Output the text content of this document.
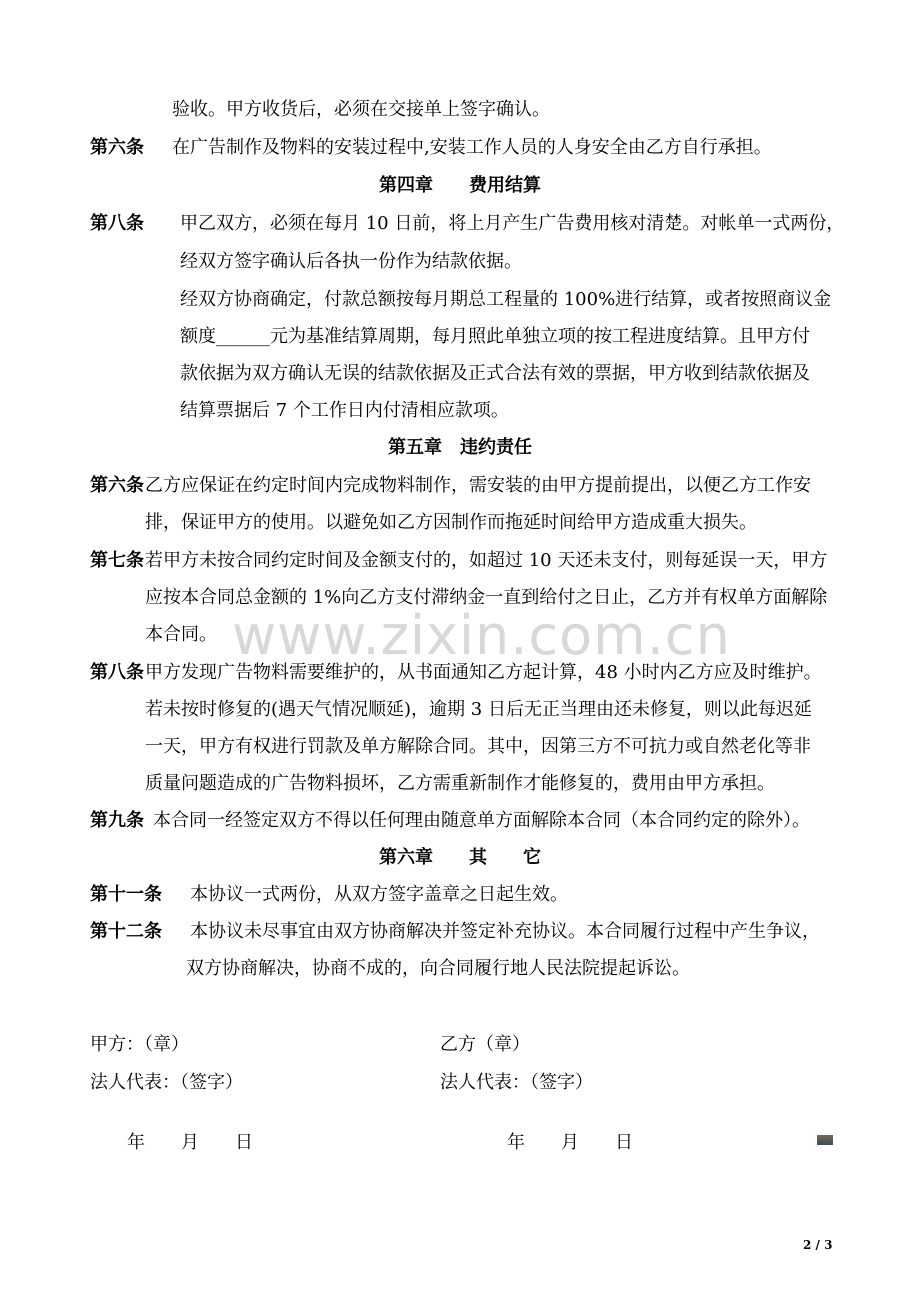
www.zixin.com.cn
验收。甲方收货后，必须在交接单上签字确认。
第六条 在广告制作及物料的安装过程中,安装工作人员的人身安全由乙方自行承担。
第四章　　费用结算
第八条 甲乙双方，必须在每月 10 日前，将上月产生广告费用核对清楚。对帐单一式两份，
经双方签字确认后各执一份作为结款依据。
经双方协商确定，付款总额按每月期总工程量的 100%进行结算，或者按照商议金
额度______元为基准结算周期，每月照此单独立项的按工程进度结算。且甲方付
款依据为双方确认无误的结款依据及正式合法有效的票据，甲方收到结款依据及
结算票据后 7 个工作日内付清相应款项。
第五章　违约责任
第六条 乙方应保证在约定时间内完成物料制作，需安装的由甲方提前提出，以便乙方工作安
排，保证甲方的使用。以避免如乙方因制作而拖延时间给甲方造成重大损失。
第七条 若甲方未按合同约定时间及金额支付的，如超过 10 天还未支付，则每延误一天，甲方
应按本合同总金额的 1%向乙方支付滞纳金一直到给付之日止，乙方并有权单方面解除
本合同。
第八条 甲方发现广告物料需要维护的，从书面通知乙方起计算，48 小时内乙方应及时维护。
若未按时修复的(遇天气情况顺延)，逾期 3 日后无正当理由还未修复，则以此每迟延
一天，甲方有权进行罚款及单方解除合同。其中，因第三方不可抗力或自然老化等非
质量问题造成的广告物料损坏，乙方需重新制作才能修复的，费用由甲方承担。
第九条 本合同一经签定双方不得以任何理由随意单方面解除本合同（本合同约定的除外）。
第六章　　其　　它
第十一条 本协议一式两份，从双方签字盖章之日起生效。
第十二条 本协议未尽事宜由双方协商解决并签定补充协议。本合同履行过程中产生争议，
双方协商解决，协商不成的，向合同履行地人民法院提起诉讼。
甲方：（章）	乙方（章）
法人代表：（签字）	法人代表：（签字）
年　　月　　日	年　　月　　日
2 / 3
